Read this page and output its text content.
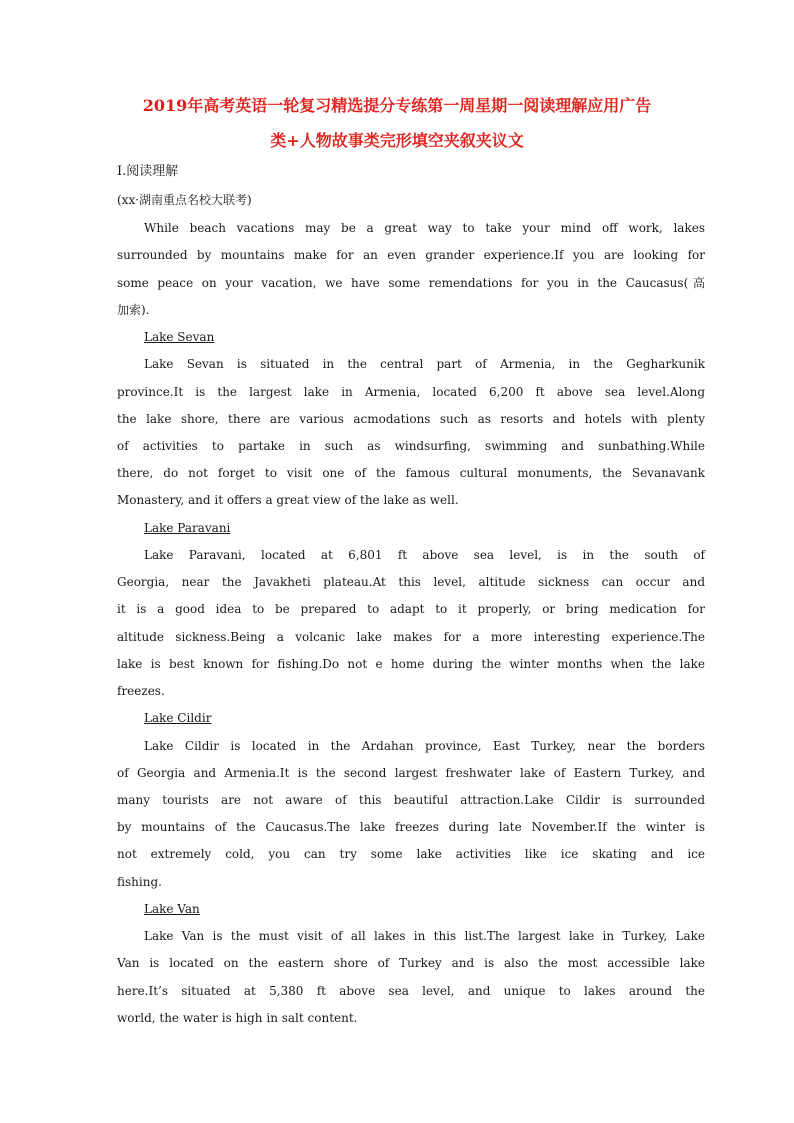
2019年高考英语一轮复习精选提分专练第一周星期一阅读理解应用广告
类+人物故事类完形填空夹叙夹议文
Ⅰ.阅读理解
(xx·湖南重点名校大联考)
While beach vacations may be a great way to take your mind off work, lakes
surrounded by mountains make for an even grander experience.If you are looking for
some peace on your vacation, we have some remendations for you in the Caucasus(高
加索).
Lake Sevan
Lake Sevan is situated in the central part of Armenia, in the Gegharkunik
province.It is the largest lake in Armenia, located 6,200 ft above sea level.Along
the lake shore, there are various acmodations such as resorts and hotels with plenty
of activities to partake in such as windsurfing, swimming and sunbathing.While
there, do not forget to visit one of the famous cultural monuments, the Sevanavank
Monastery, and it offers a great view of the lake as well.
Lake Paravani
Lake Paravani, located at 6,801 ft above sea level, is in the south of
Georgia, near the Javakheti plateau.At this level, altitude sickness can occur and
it is a good idea to be prepared to adapt to it properly, or bring medication for
altitude sickness.Being a volcanic lake makes for a more interesting experience.The
lake is best known for fishing.Do not e home during the winter months when the lake
freezes.
Lake Cildir
Lake Cildir is located in the Ardahan province, East Turkey, near the borders
of Georgia and Armenia.It is the second largest freshwater lake of Eastern Turkey, and
many tourists are not aware of this beautiful attraction.Lake Cildir is surrounded
by mountains of the Caucasus.The lake freezes during late November.If the winter is
not extremely cold, you can try some lake activities like ice skating and ice
fishing.
Lake Van
Lake Van is the must visit of all lakes in this list.The largest lake in Turkey, Lake
Van is located on the eastern shore of Turkey and is also the most accessible lake
here.It’s situated at 5,380 ft above sea level, and unique to lakes around the
world, the water is high in salt content.
